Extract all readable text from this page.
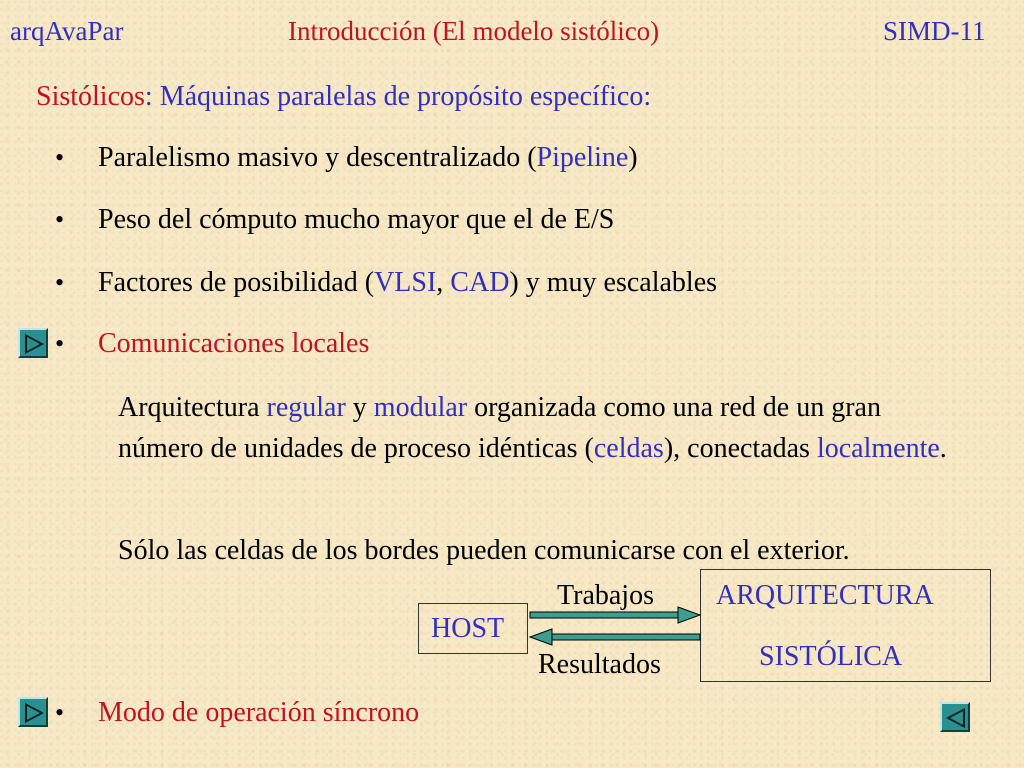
arqAvaPar	Introducción (El modelo sistólico)	SIMD-11
Sistólicos: Máquinas paralelas de propósito específico:
• Paralelismo masivo y descentralizado (Pipeline)
• Peso del cómputo mucho mayor que el de E/S
• Factores de posibilidad (VLSI, CAD) y muy escalables
• Comunicaciones locales
Arquitectura regular y modular organizada como una red de un gran número de unidades de proceso idénticas (celdas), conectadas localmente.
Sólo las celdas de los bordes pueden comunicarse con el exterior.
HOST
ARQUITECTURA
SISTÓLICA
Trabajos
Resultados
• Modo de operación síncrono
